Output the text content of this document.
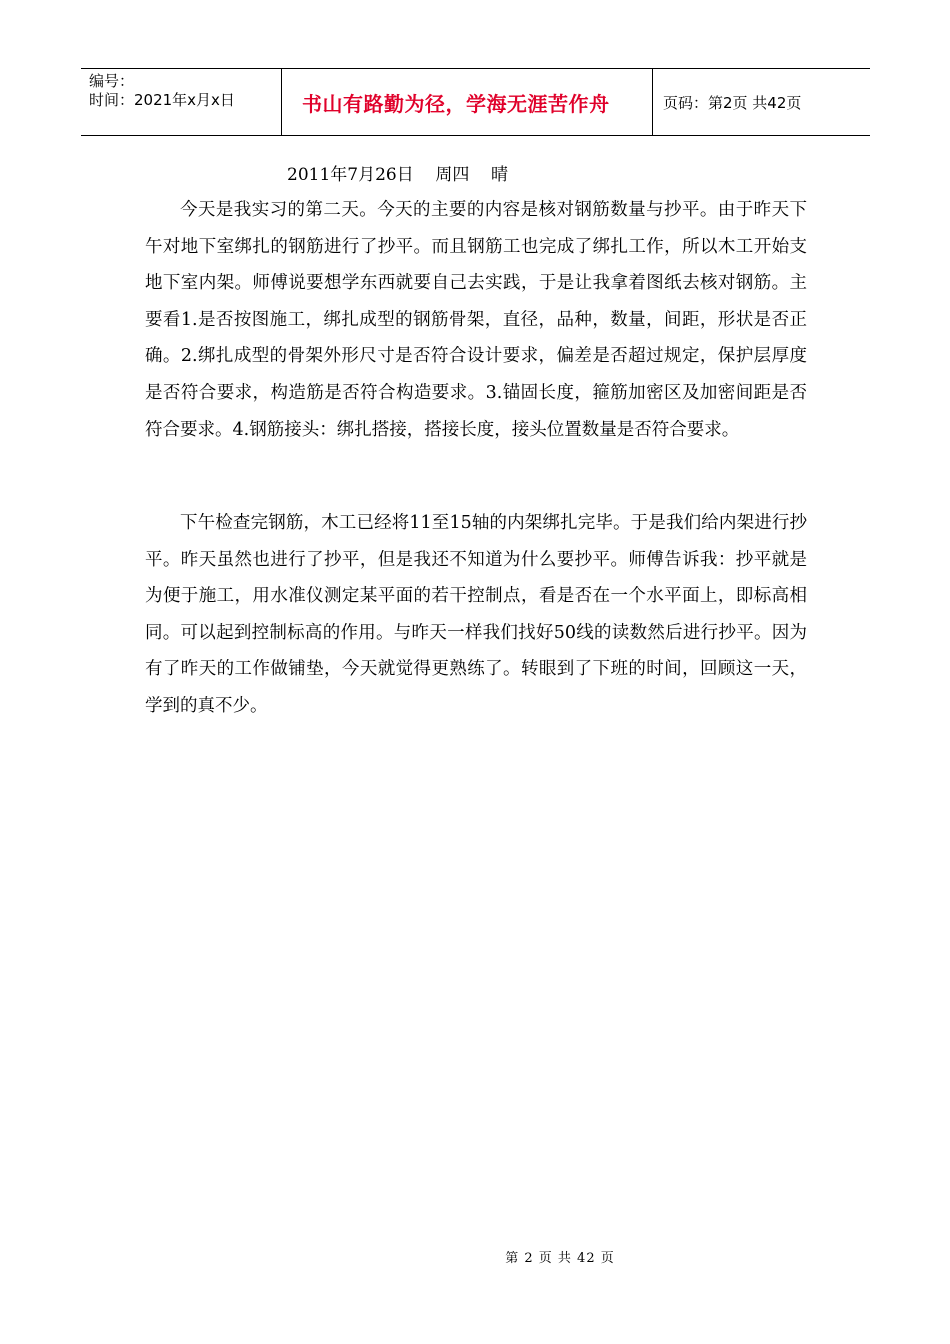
编号：
时间：2021年x月x日	书山有路勤为径，学海无涯苦作舟	页码：第2页 共42页
2011年7月26日    周四    晴

今天是我实习的第二天。今天的主要的内容是核对钢筋数量与抄平。由于昨天下午对地下室绑扎的钢筋进行了抄平。而且钢筋工也完成了绑扎工作，所以木工开始支地下室内架。师傅说要想学东西就要自己去实践，于是让我拿着图纸去核对钢筋。主要看1.是否按图施工，绑扎成型的钢筋骨架，直径，品种，数量，间距，形状是否正确。2.绑扎成型的骨架外形尺寸是否符合设计要求，偏差是否超过规定，保护层厚度是否符合要求，构造筋是否符合构造要求。3.锚固长度，箍筋加密区及加密间距是否符合要求。4.钢筋接头：绑扎搭接，搭接长度，接头位置数量是否符合要求。

下午检查完钢筋，木工已经将11至15轴的内架绑扎完毕。于是我们给内架进行抄平。昨天虽然也进行了抄平，但是我还不知道为什么要抄平。师傅告诉我：抄平就是为便于施工，用水准仪测定某平面的若干控制点，看是否在一个水平面上，即标高相同。可以起到控制标高的作用。与昨天一样我们找好50线的读数然后进行抄平。因为有了昨天的工作做铺垫，今天就觉得更熟练了。转眼到了下班的时间，回顾这一天，学到的真不少。

第 2 页 共 42 页
